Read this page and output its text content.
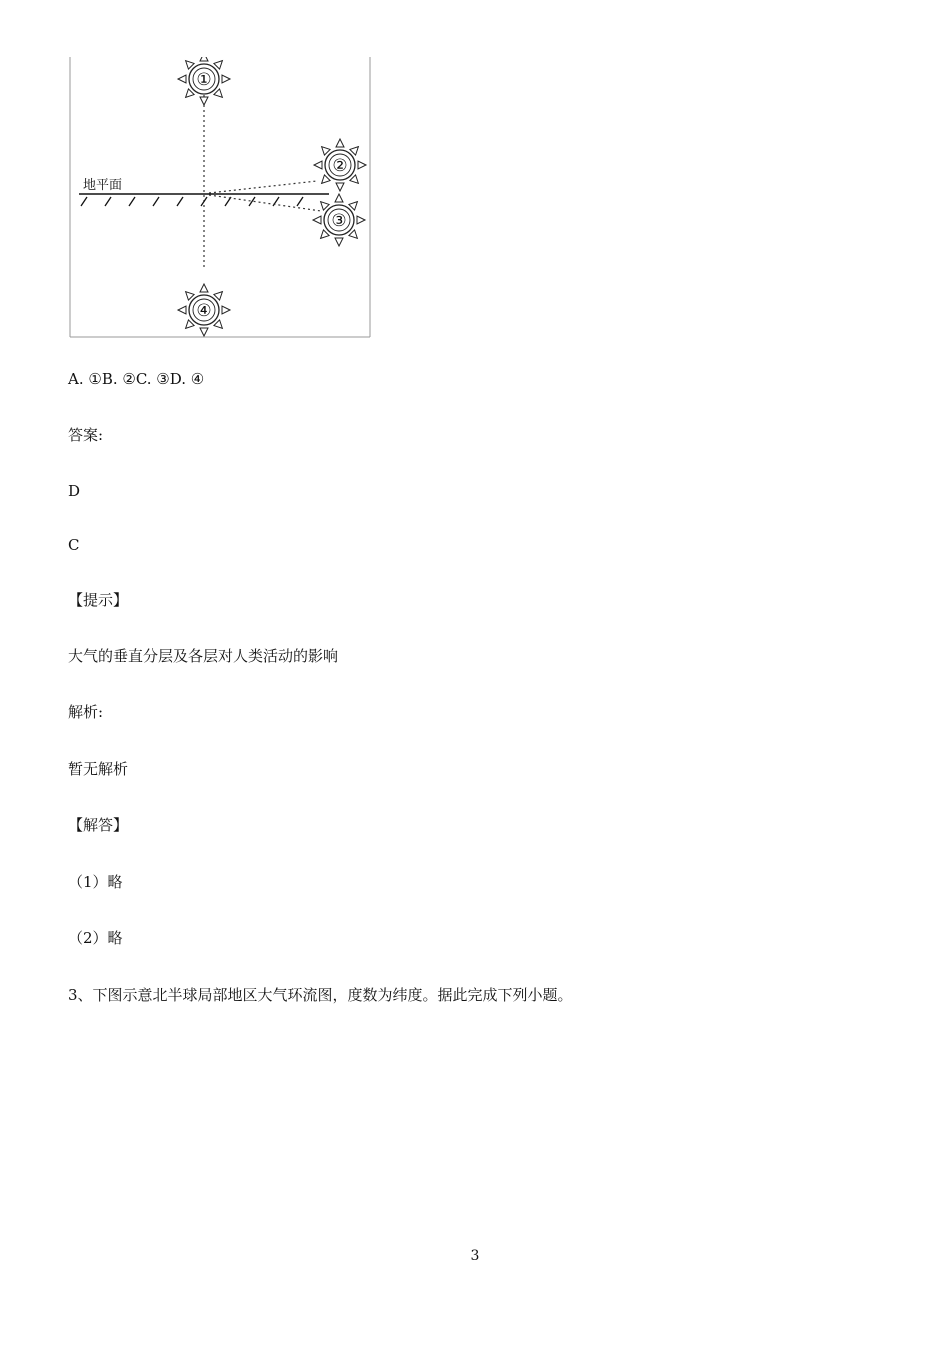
地平面
①
②
③
④
A. ①B. ②C. ③D. ④
答案:
D
C
【提示】
大气的垂直分层及各层对人类活动的影响
解析:
暂无解析
【解答】
（1）略
（2）略
3、下图示意北半球局部地区大气环流图，度数为纬度。据此完成下列小题。
3
